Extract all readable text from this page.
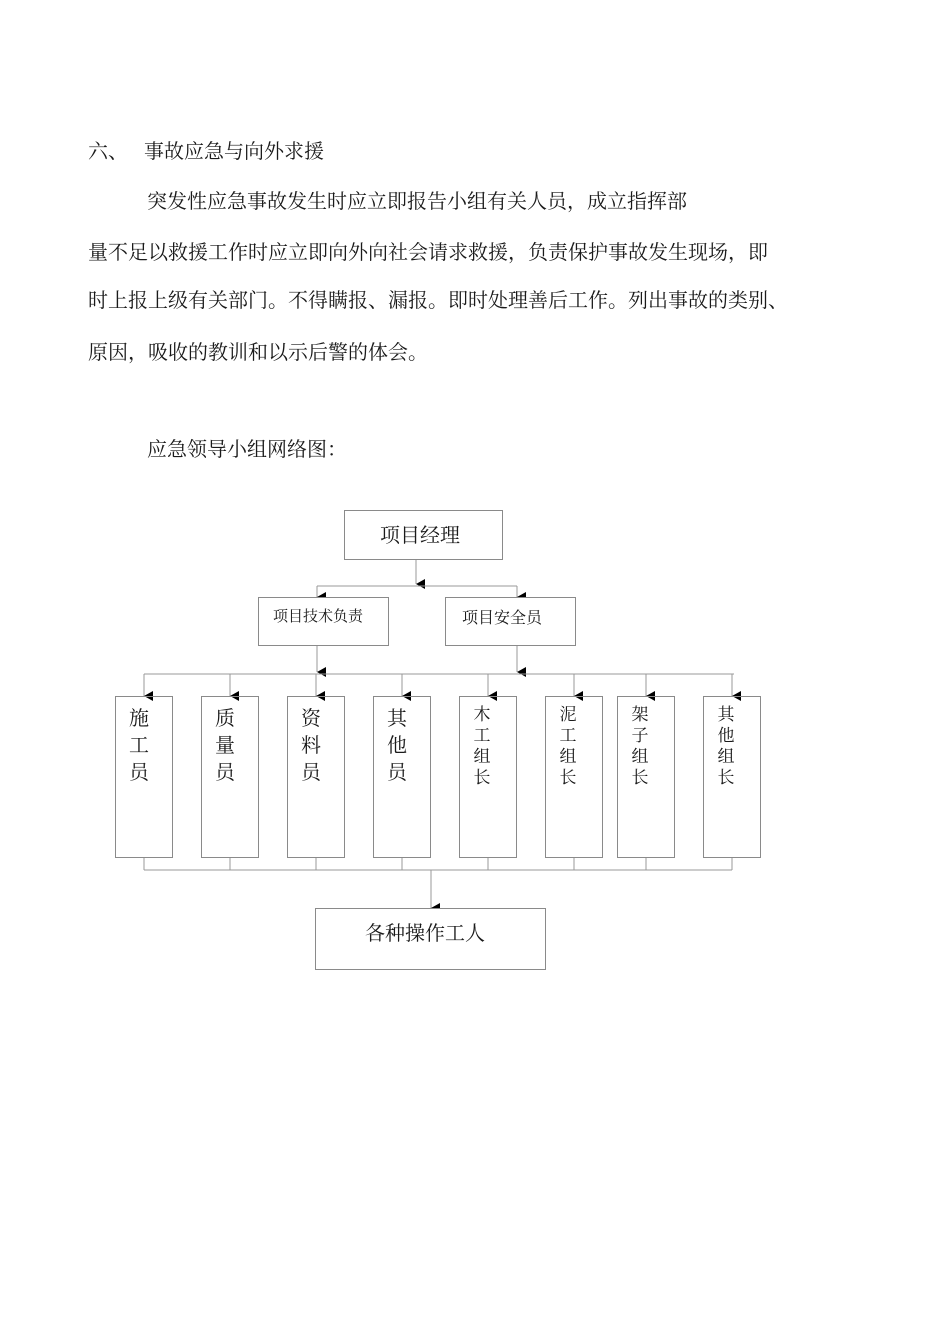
六、 事故应急与向外求援
突发性应急事故发生时应立即报告小组有关人员，成立指挥部
量不足以救援工作时应立即向外向社会请求救援，负责保护事故发生现场，即
时上报上级有关部门。不得瞒报、漏报。即时处理善后工作。列出事故的类别、
原因，吸收的教训和以示后警的体会。
应急领导小组网络图：
项目经理
项目技术负责	项目安全员
施工员
质量员
资料员
其他员
木工组长
泥工组长
架子组长
其他组长
各种操作工人
